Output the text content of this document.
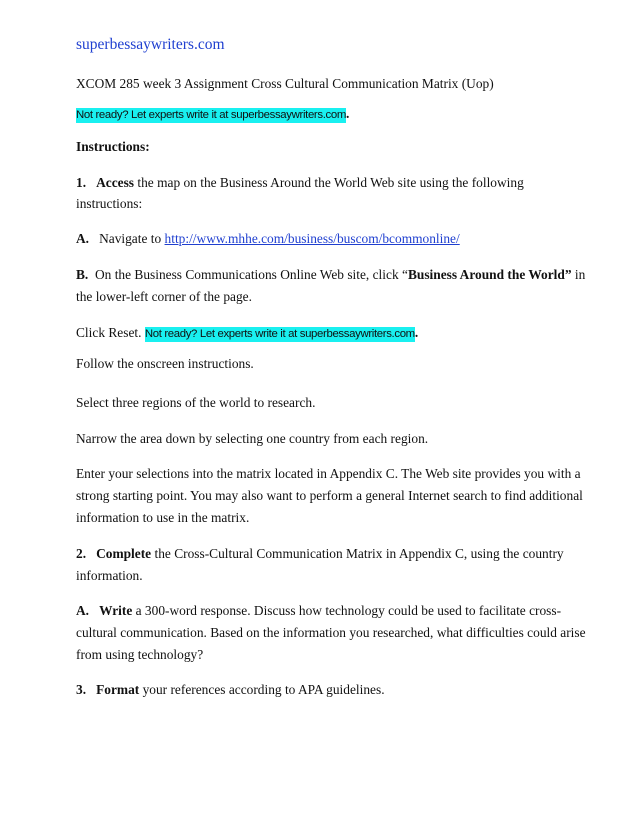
superbessaywriters.com
XCOM 285 week 3 Assignment Cross Cultural Communication Matrix (Uop)
Not ready? Let experts write it at superbessaywriters.com.
Instructions:
1. Access the map on the Business Around the World Web site using the following
instructions:
A. Navigate to http://www.mhhe.com/business/buscom/bcommonline/
B. On the Business Communications Online Web site, click “Business Around the World” in
the lower-left corner of the page.
Click Reset. Not ready? Let experts write it at superbessaywriters.com.
Follow the onscreen instructions.
Select three regions of the world to research.
Narrow the area down by selecting one country from each region.
Enter your selections into the matrix located in Appendix C. The Web site provides you with a
strong starting point. You may also want to perform a general Internet search to find additional
information to use in the matrix.
2. Complete the Cross-Cultural Communication Matrix in Appendix C, using the country
information.
A. Write a 300-word response. Discuss how technology could be used to facilitate cross-
cultural communication. Based on the information you researched, what difficulties could arise
from using technology?
3. Format your references according to APA guidelines.
